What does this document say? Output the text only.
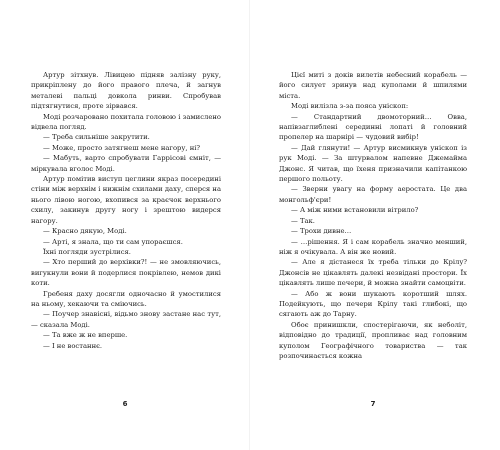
Артур зітхнув. Лівицею підняв залізну руку, прикріплену до його правого плеча, й загнув металеві пальці довкола ринви. Спробував підтягнутися, проте зірвався.

Моді розчаровано похитала головою і замислено відвела погляд.

— Треба сильніше закрутити.

— Може, просто затягнеш мене нагору, ні?

— Мабуть, варто спробувати Гаррісові ємніт, — міркувала вголос Моді.

Артур помітив виступ цеглини якраз посередині стіни між верхнім і нижнім схилами даху, сперся на нього лівою ногою, вхопився за краєчок верхнього схилу, закинув другу ногу і зрештою видерся нагору.

— Красно дякую, Моді.

— Арті, я знала, що ти сам упораєшся.

Їхні погляди зустрілися.

— Хто перший до верхівки?! — не змовляючись, вигукнули вони й подерлися покрівлею, немов дикі коти.

Гребеня даху досягли одночасно й умостилися на ньому, хекаючи та сміючись.

— Поучер знавісні, відьмо знову застане нас тут, — сказала Моді.

— Та вже ж не вперше.

— І не востаннє.

6

Цієї миті з доків вилетів небесний корабель — його силует зринув над куполами й шпилями міста.

Моді вилізла з-за пояса уніскоп:

— Стандартний двомоторний… Овва, напівзаглиблені серединні лопаті й головний пропелер на шарнірі — чудовий вибір!

— Дай глянути! — Артур висмикнув уніскоп із рук Моді. — За штурвалом напевне Джемайма Джонс. Я читав, що їхеня призначили капітанкою першого польоту.

— Зверни увагу на форму аеростата. Це два монгольф'єри!

— А між ними встановили вітрило?

— Так.

— Трохи дивне…

— …рішення. Я і сам корабель значно менший, ніж я очікувала. А він же новий.

— Але я дістанеся їх треба тільки до Крілу? Джонсів не цікавлять далекі незвідані простори. Їх цікавлять лише печери, й можна знайти самоцвіти.

— Або ж вони шукають коротший шлях. Подейкують, що печери Крілу такі глибокі, що сягають аж до Тарну.

Обоє принишкли, спостерігаючи, як неболіт, відповідно до традиції, пропливає над головним куполом Географічного товариства — так розпочинається кожна

7
